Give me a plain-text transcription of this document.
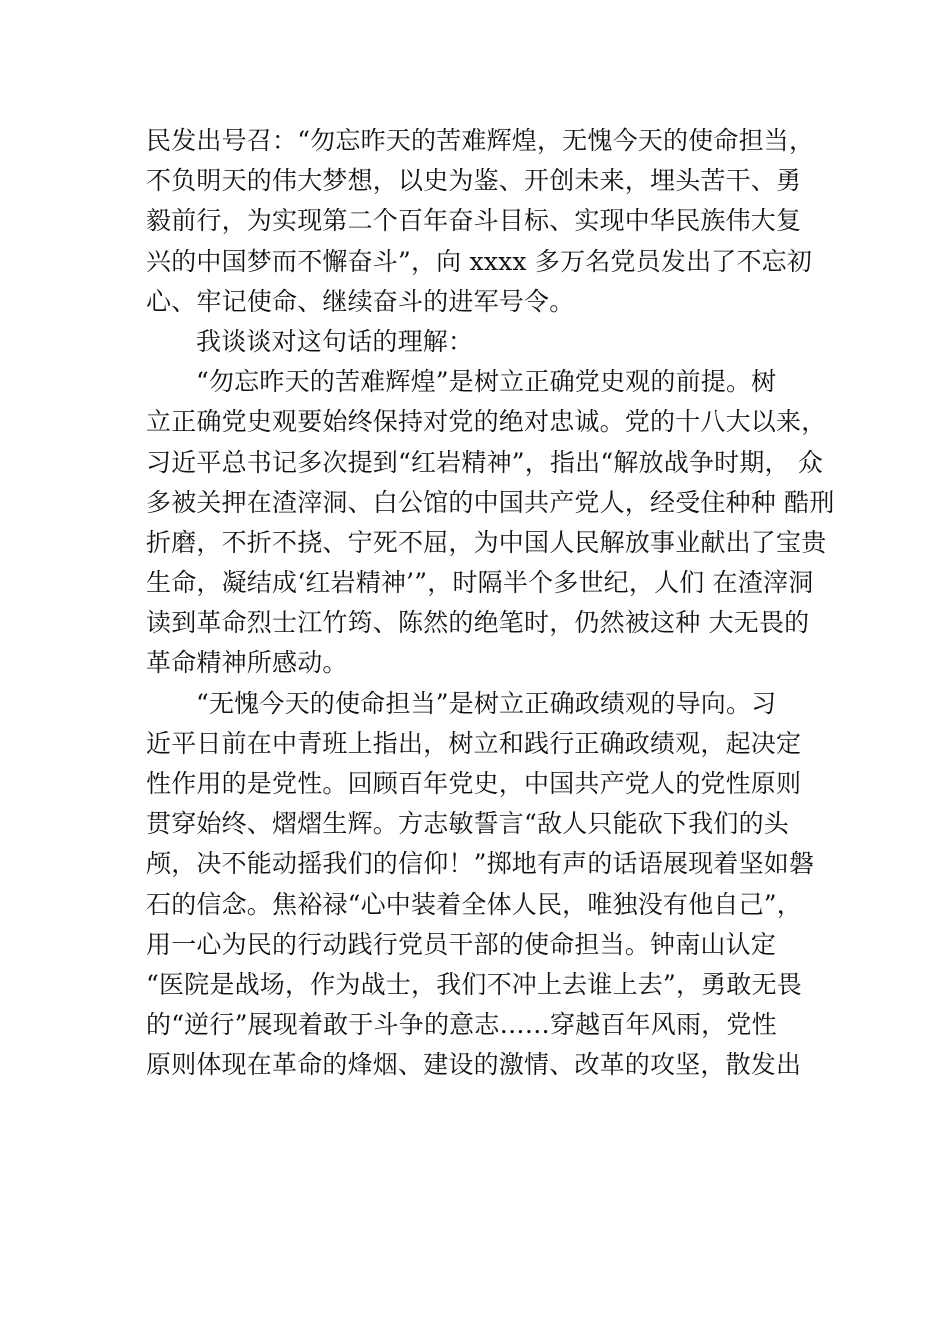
民发出号召：“勿忘昨天的苦难辉煌，无愧今天的使命担当，
不负明天的伟大梦想，以史为鉴、开创未来，埋头苦干、勇
毅前行，为实现第二个百年奋斗目标、实现中华民族伟大复
兴的中国梦而不懈奋斗”，向 xxxx 多万名党员发出了不忘初
心、牢记使命、继续奋斗的进军号令。
我谈谈对这句话的理解：
“勿忘昨天的苦难辉煌”是树立正确党史观的前提。树
立正确党史观要始终保持对党的绝对忠诚。党的十八大以来，
习近平总书记多次提到“红岩精神”，指出“解放战争时期， 众
多被关押在渣滓洞、白公馆的中国共产党人，经受住种种 酷刑
折磨，不折不挠、宁死不屈，为中国人民解放事业献出了宝贵
生命，凝结成‘红岩精神’”，时隔半个多世纪，人们 在渣滓洞
读到革命烈士江竹筠、陈然的绝笔时，仍然被这种 大无畏的
革命精神所感动。
“无愧今天的使命担当”是树立正确政绩观的导向。习
近平日前在中青班上指出，树立和践行正确政绩观，起决定
性作用的是党性。回顾百年党史，中国共产党人的党性原则
贯穿始终、熠熠生辉。方志敏誓言“敌人只能砍下我们的头
颅，决不能动摇我们的信仰！”掷地有声的话语展现着坚如磐
石的信念。焦裕禄“心中装着全体人民，唯独没有他自己”，
用一心为民的行动践行党员干部的使命担当。钟南山认定
“医院是战场，作为战士，我们不冲上去谁上去”，勇敢无畏
的“逆行”展现着敢于斗争的意志……穿越百年风雨，党性
原则体现在革命的烽烟、建设的激情、改革的攻坚，散发出
